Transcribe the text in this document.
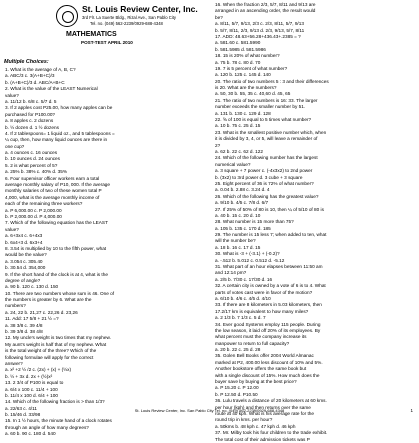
St. Louis Review Center, Inc.
3rd Flr. La Suerte Bldg., Rizal Ave., San Pablo City
Tel. no. (049) 562-2239/0929-688-4348
MATHEMATICS
POST-TEST APRIL 2010
Multiple Choices:
1. What is the average of A, B, C?
a. ABC/3 c. 3(A+B+C)/3
b. (A+B+C)/3 d. ABC/A+B+C
2. What is the value of the LEAST Numerical
value?
a. 11/12 b. 6/8 c. 5/7 d. 5
3. If 2 apples cost P25.00, how many apples can be
purchased for P100.00?
a. 8 apples c. 2 dozens
b. ½ dozen d. 1 ½ dozens
4. If 2 tablespoons= 1 liquid oz., and 5 tablespoons =
¼ cup, then, how many liquid ounces are there in
one cup?
a. 4 ounces c. 16 ounces
b. 10 ounces d. 24 ounces
5. 2 is what percent of 5?
a. 25% b. 38% c. 40% d. 35%
6. Four supervisor officer workers earn a total
average monthly salary of P10, 000. If the average
monthly salaries of two of these women total P
4,000, what is the average monthly income of
each of the remaining three workers?
a. P 6,000.00 c. P 2,000.00
b. P 2,000.00 d. P 4,000.00
7. Which of the following equation has the LEAST
value?
a. 6+3x4 c. 6+4x3
b. 6x4+3 d. 6x3+4
8. 3.54 is multiplied by 10 to the fifth power, what
would be the value?
a. 3.054 c. 305.40
b. 30.54 d. 354,000
9. If the short hand of the clock is at 4, what is the
degree of angle?
a. 90 b. 120 c. 130 d. 150
10. There are two numbers whose sum is 46. One of
the numbers is greater by 6. What are the
numbers?
a. 24, 22 b. 21,27 c. 22,26 d. 23,26
11. Add: 17 5/8 + 21 ½ =?
a. 38 3/8 c. 39 4/8
b. 39 3/8 d. 38 4/8
12. My uncle's weight is two times that my nephew.
My aunt's weight is half that of my nephew. What
is the total weight of the three? Which of the
following formulae will apply for the correct
answer?
a. x² +2 ½ /2 c. (2x) + (x) + (½x)
b. ½ + 3x d. 2x + (½)x²
13. 2 3/4 of P100 is equal to
a. 6/4 x 100 c. 11/4 + 100
b. 11/4 x 100 d. 6/4 + 100
14. Which of the following fraction is > than 1/3?
a. 22/63 c. 4/11
b. 15/46 d. 33/98
15. In 1 ½ hours, the minute hand of a clock rotates
through an angle of how many degrees?
a. 60 b. 90 c. 180 d. 540
16. When the fraction 2/3, 5/7, 8/11 and 9/13 are
arranged in an ascending order, the result would
be?
a. 8/11, 5/7, 9/13, 2/3 c. 2/3, 8/11, 5/7, 9/13
b. 5/7, 8/11, 2/3, 9/13 d. 2/3, 9/13, 5/7, 8/11
17. ADD: 48.63+56.28+436.43+.2385 = ?
a. 581.60 c. 581.5990
b. 581.5985 d. 581.5986
18. 15 is 20% of what number?
a. 75 b. 78 c. 80 d. 70
19. 7 is 5 percent of what number?
a. 120 b. 125 c. 145 d. 140
20. The ratio of two numbers 5 : 3 and their differences
is 20. What are the numbers?
a. 50, 30 b. 55, 35 c. 40,60 d. 45, 65
21. The ratio of two numbers is 16: 33. The larger
number exceeds the smaller number by 51.
a. 131 b. 130 c. 129 d. 128
22. ⅝ of 100 is equal to 5 times what number?
a. 10 b. 75 c. 25 d. 15
23. What is the smallest positive number which, when
it is divided by 3, 4, or 5, will leave a remainder of
2?
a. 62 b. 22 c. 62 d. 122
24. Which of the following number has the largest
numerical value?
a. 3 square + 7 power c. (-4x3x2) to 2nd power
b. (3x2) to 3rd power d. 3 cube + 3 square
25. Eight percent of 36 is 72% of what number?
a. 0.04 b. 2.88 c. 3.24 d. 4
26. Which of the following has the greatest value?
a. 9/10 b. 4/5 c. 7/8 d. 6/7
27. If 25% of 50% of 80 is 10, then ¼ of 5/10 of 80 is
a. 40 b. 15 c. 20 d. 10
28. What number is 15 more than 75?
a. 105 b. 135 c. 170 d. 185
29. The number is 15 less 7; when added to ten, what
will the number be?
a. 18 b. 16 c. 17 d. 15
30. What is -3 + (-3.1) + (-0.2)?
a. -.512 b. 5.012 c. 0.512 d. -5.12
31. What part of an hour elapses between 11:50 am
and 12:14 pm?
a. 2/5 b. 7/30 c. 17/30 d. 16
32. A certain city is owned by a vote of 6 is to 4. What
parts of votes cast were in favor of the motion?
a. 6/10 b. 4/6 c. 4/5 d. 4/10
33. If there are 8 kilometers in 5.03 kilometers, then
17.2/17 km is equivalent to how many miles?
a. 2 1/3 b. 7 1/3 c. 5 d. 7
34. Ever good Systems employ 115 people. During
the low season, it laid off 20% of its employees. By
what percent must the company increase its
manpower to return to full capacity?
a. 20 b. 22 c. 25 d. 28
35. Golen Bell Books offer 2004 World Almanac
marked at P2, 400.00 less discount of 10% and 5%.
Another bookstore offers the same book but
with a single discount of 15%. How much does the
buyer save by buying at the best price?
a. P 15.20 c. P 12.00
b. P 12.50 d. P10.50
36. Lulu travels a distance of 20 kilometers at 60 kms.
per hour (kph) and then returns over the same
route at 40 kph. What is his average rate for the
round trip in kms. per hour?
a. 50kms b. 48 kph c. 47 kph d. 46 kph
37. Mr. Milby took his four children to the trade exhibit.
The total cost of their admission tickets was P
St. Louis Review Center, Inc. San Pablo City Tel. no. (049) 562-2239/0929-688-4348	1
